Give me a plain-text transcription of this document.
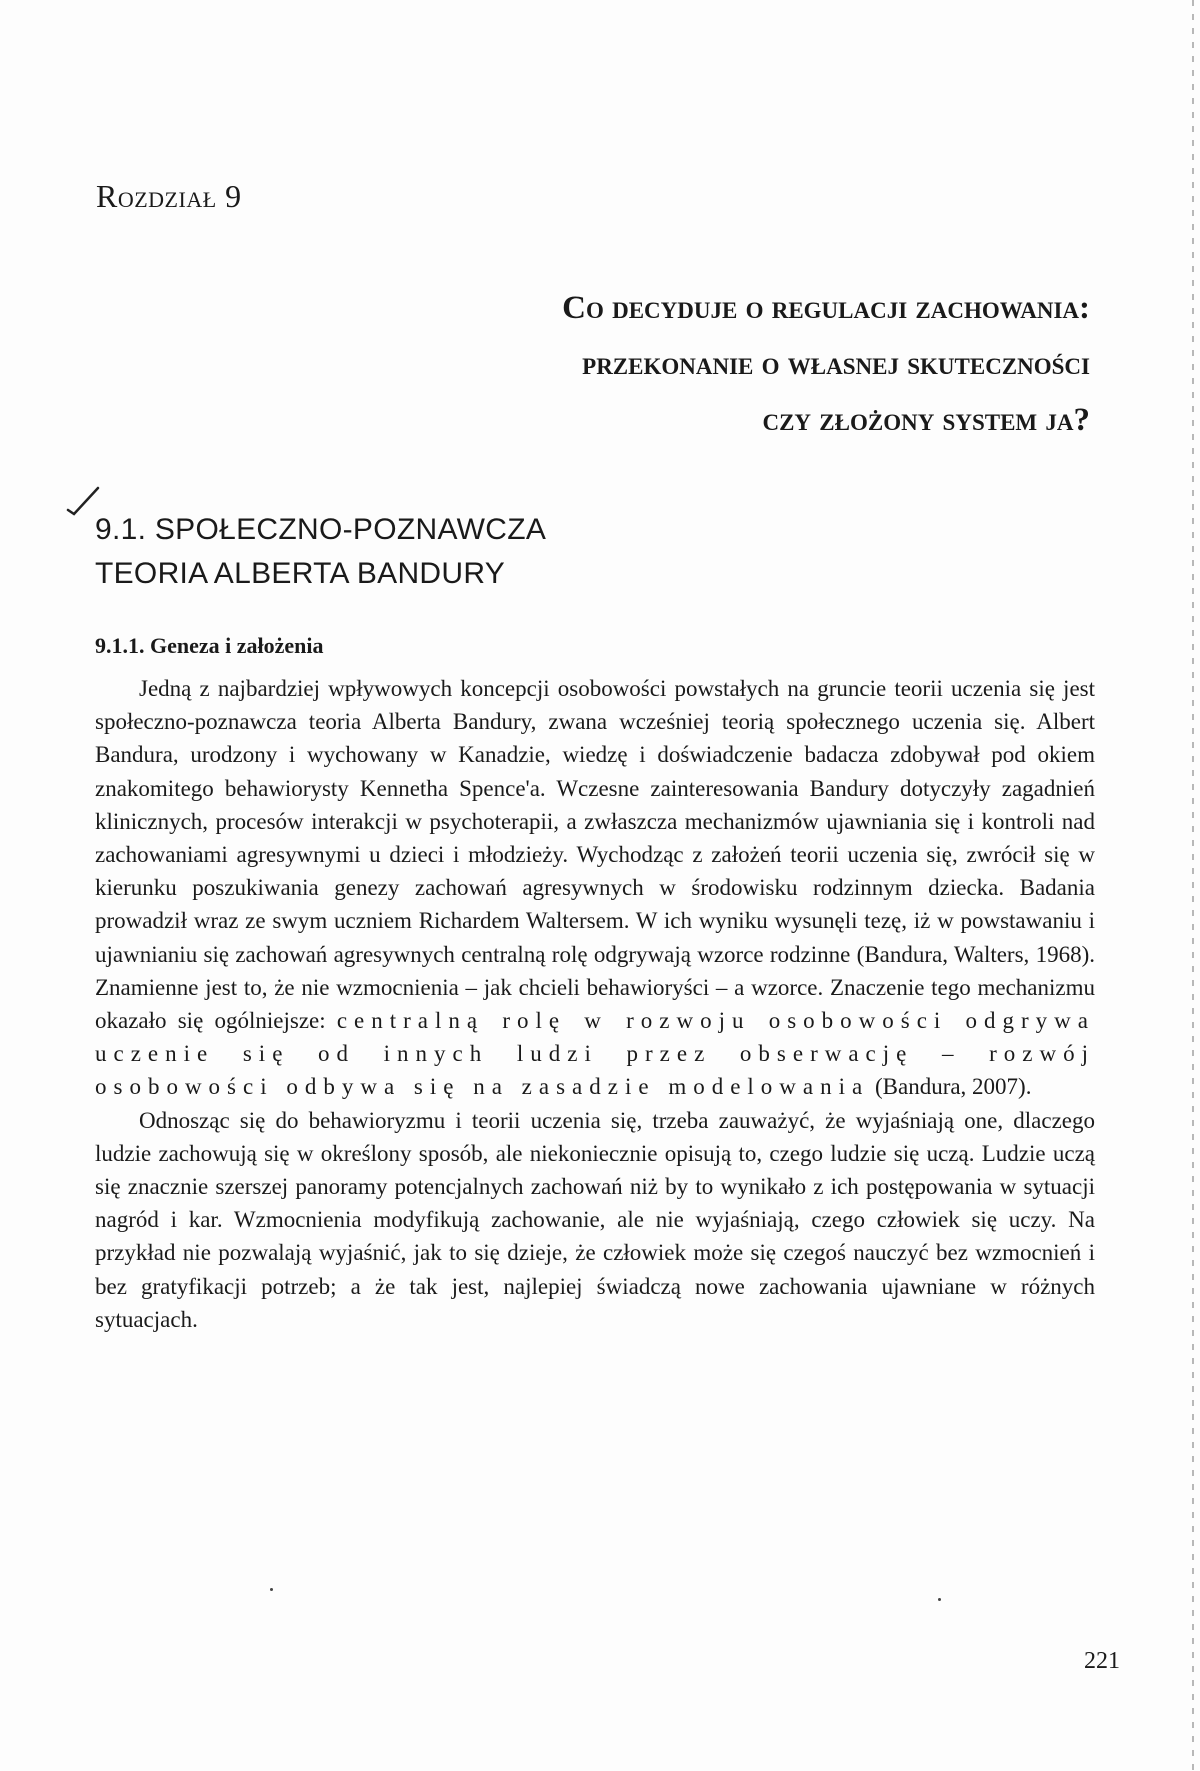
Rozdział 9
Co decyduje o regulacji zachowania:
przekonanie o własnej skuteczności
czy złożony system ja?
9.1. SPOŁECZNO-POZNAWCZA
TEORIA ALBERTA BANDURY
9.1.1. Geneza i założenia

Jedną z najbardziej wpływowych koncepcji osobowości powstałych na gruncie teorii uczenia się jest społeczno-poznawcza teoria Alberta Bandury, zwana wcześniej teorią społecznego uczenia się. Albert Bandura, urodzony i wychowany w Kanadzie, wiedzę i doświadczenie badacza zdobywał pod okiem znakomitego behawiorysty Kennetha Spence'a. Wczesne zainteresowania Bandury dotyczyły zagadnień klinicznych, procesów interakcji w psychoterapii, a zwłaszcza mechanizmów ujawniania się i kontroli nad zachowaniami agresywnymi u dzieci i młodzieży. Wychodząc z założeń teorii uczenia się, zwrócił się w kierunku poszukiwania genezy zachowań agresywnych w środowisku rodzinnym dziecka. Badania prowadził wraz ze swym uczniem Richardem Waltersem. W ich wyniku wysunęli tezę, iż w powstawaniu i ujawnianiu się zachowań agresywnych centralną rolę odgrywają wzorce rodzinne (Bandura, Walters, 1968). Znamienne jest to, że nie wzmocnienia – jak chcieli behawioryści – a wzorce. Znaczenie tego mechanizmu okazało się ogólniejsze: centralną rolę w rozwoju osobowości odgrywa uczenie się od innych ludzi przez obserwację – rozwój osobowości odbywa się na zasadzie modelowania (Bandura, 2007).

Odnosząc się do behawioryzmu i teorii uczenia się, trzeba zauważyć, że wyjaśniają one, dlaczego ludzie zachowują się w określony sposób, ale niekoniecznie opisują to, czego ludzie się uczą. Ludzie uczą się znacznie szerszej panoramy potencjalnych zachowań niż by to wynikało z ich postępowania w sytuacji nagród i kar. Wzmocnienia modyfikują zachowanie, ale nie wyjaśniają, czego człowiek się uczy. Na przykład nie pozwalają wyjaśnić, jak to się dzieje, że człowiek może się czegoś nauczyć bez wzmocnień i bez gratyfikacji potrzeb; a że tak jest, najlepiej świadczą nowe zachowania ujawniane w różnych sytuacjach.

221
